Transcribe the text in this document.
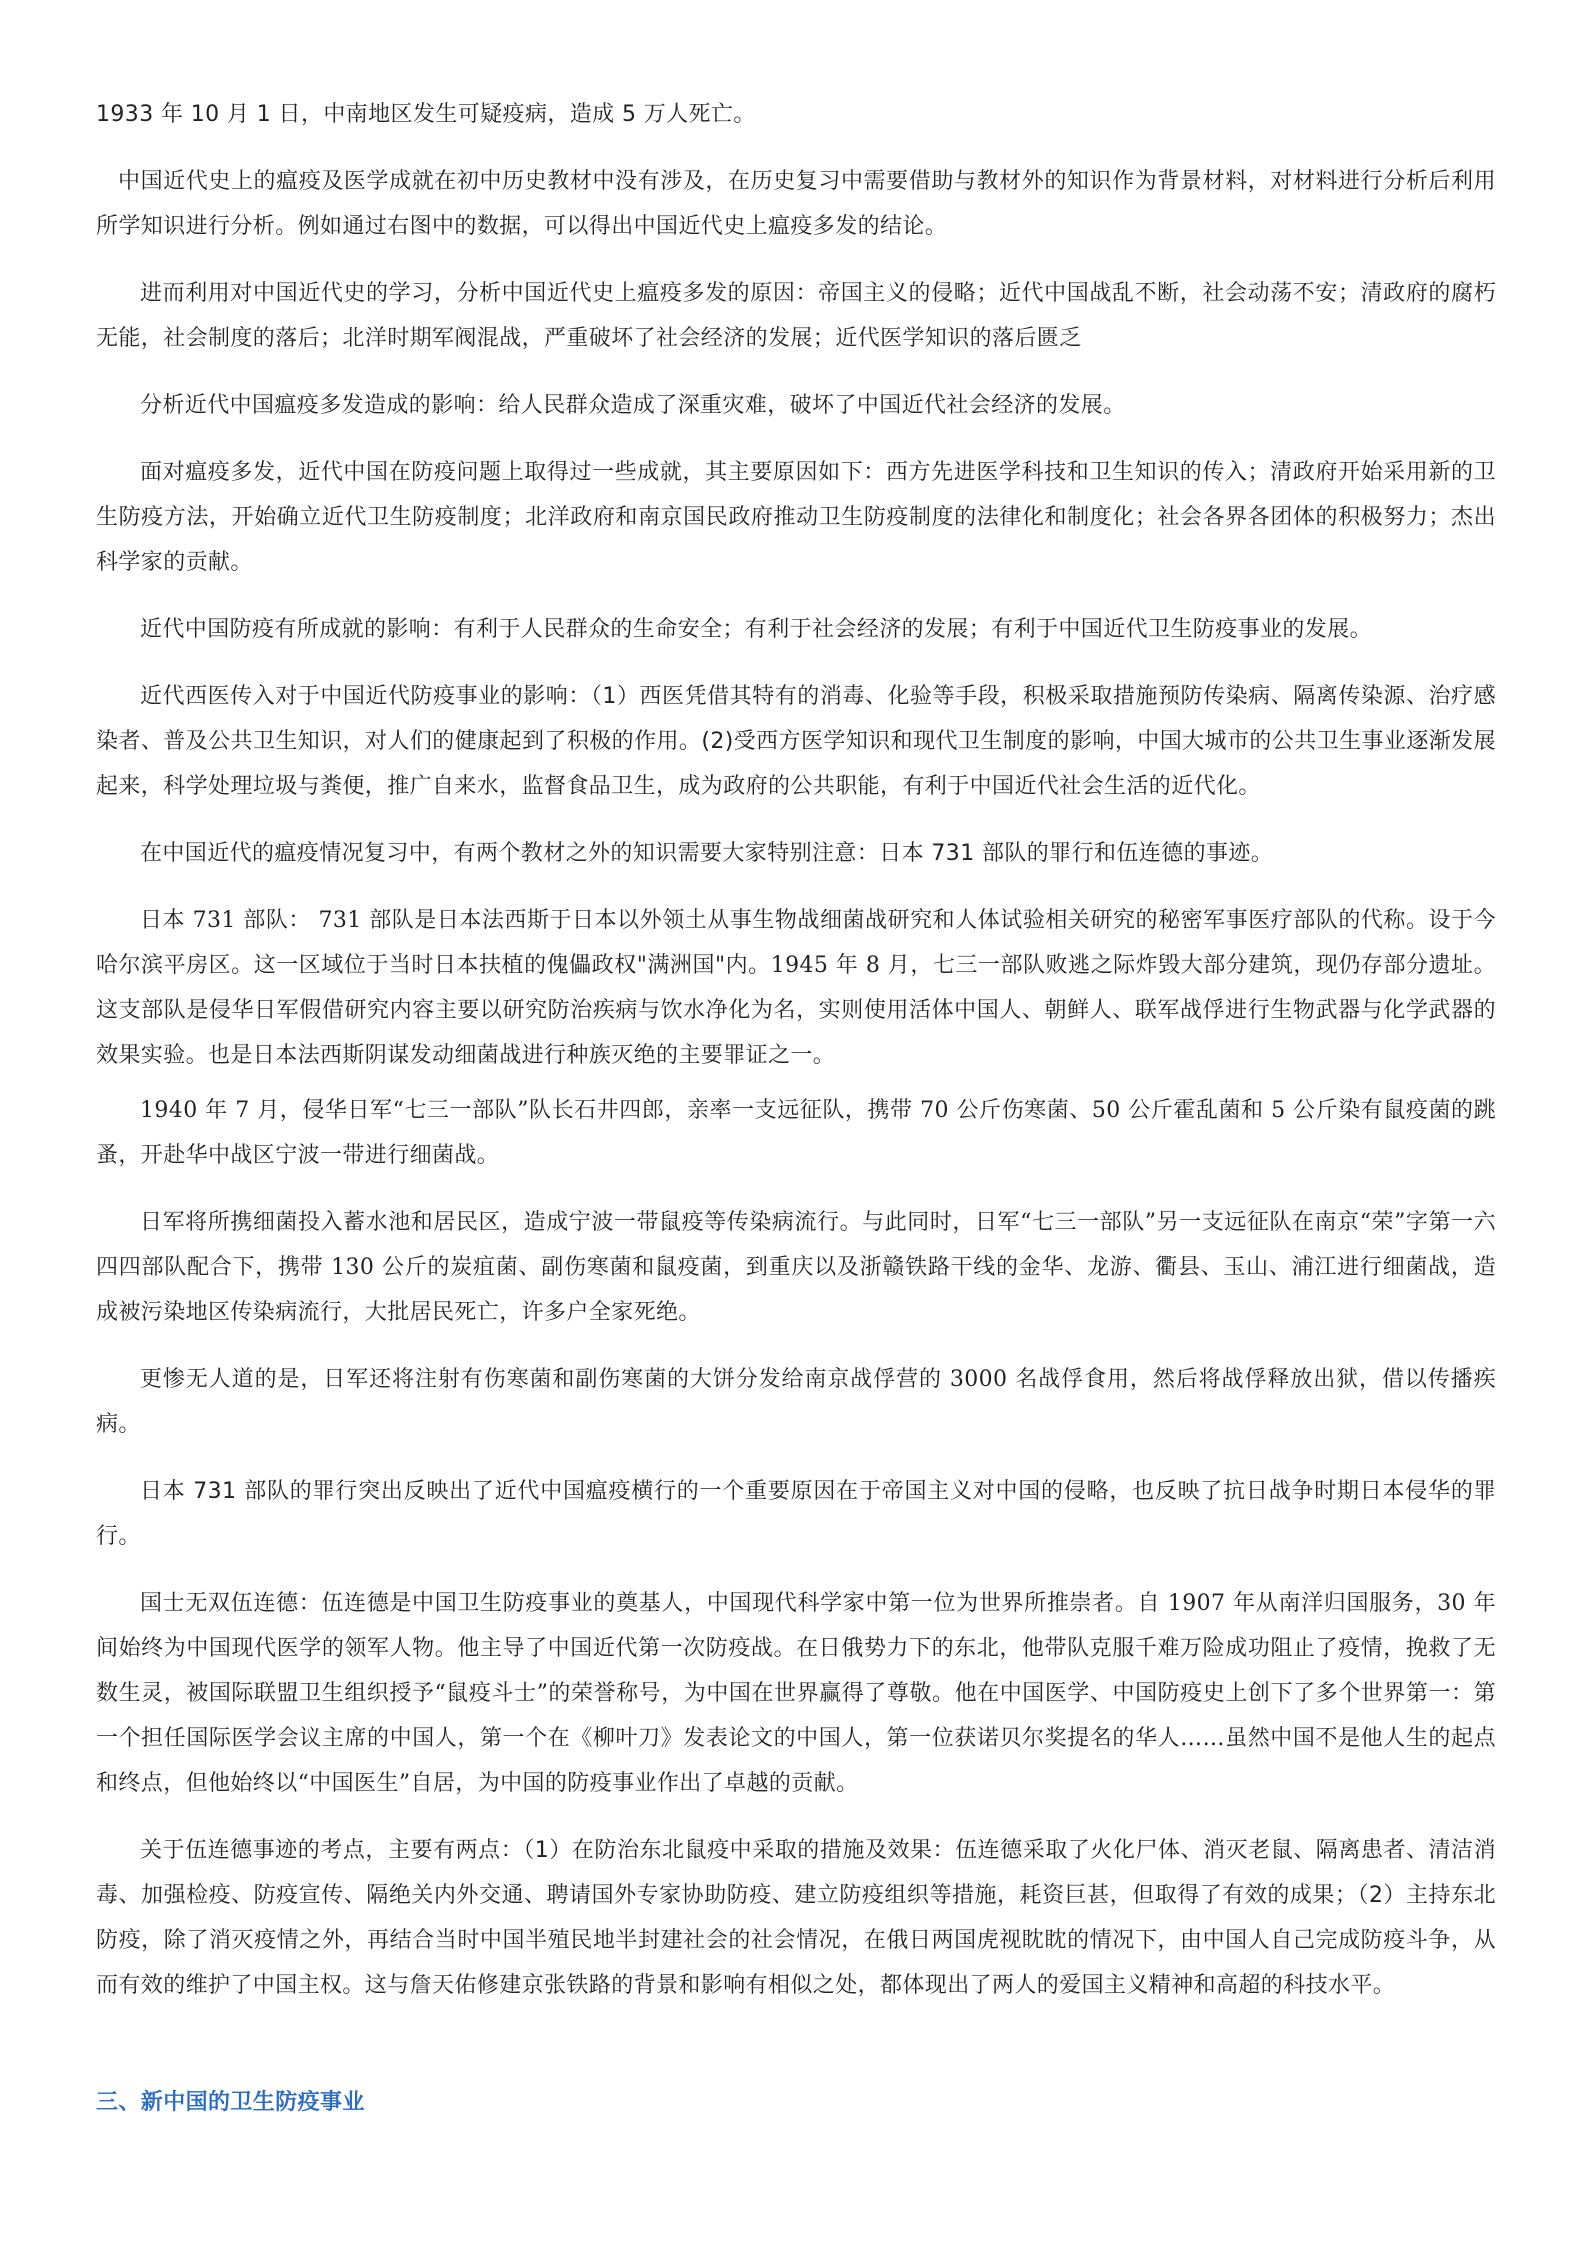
1933 年 10 月 1 日，中南地区发生可疑疫病，造成 5 万人死亡。

中国近代史上的瘟疫及医学成就在初中历史教材中没有涉及，在历史复习中需要借助与教材外的知识作为背景材料，对材料进行分析后利用所学知识进行分析。例如通过右图中的数据，可以得出中国近代史上瘟疫多发的结论。

进而利用对中国近代史的学习，分析中国近代史上瘟疫多发的原因：帝国主义的侵略；近代中国战乱不断，社会动荡不安；清政府的腐朽无能，社会制度的落后；北洋时期军阀混战，严重破坏了社会经济的发展；近代医学知识的落后匮乏

分析近代中国瘟疫多发造成的影响：给人民群众造成了深重灾难，破坏了中国近代社会经济的发展。

面对瘟疫多发，近代中国在防疫问题上取得过一些成就，其主要原因如下：西方先进医学科技和卫生知识的传入；清政府开始采用新的卫生防疫方法，开始确立近代卫生防疫制度；北洋政府和南京国民政府推动卫生防疫制度的法律化和制度化；社会各界各团体的积极努力；杰出科学家的贡献。

近代中国防疫有所成就的影响：有利于人民群众的生命安全；有利于社会经济的发展；有利于中国近代卫生防疫事业的发展。

近代西医传入对于中国近代防疫事业的影响：（1）西医凭借其特有的消毒、化验等手段，积极采取措施预防传染病、隔离传染源、治疗感染者、普及公共卫生知识，对人们的健康起到了积极的作用。(2)受西方医学知识和现代卫生制度的影响，中国大城市的公共卫生事业逐渐发展起来，科学处理垃圾与粪便，推广自来水，监督食品卫生，成为政府的公共职能，有利于中国近代社会生活的近代化。

在中国近代的瘟疫情况复习中，有两个教材之外的知识需要大家特别注意：日本 731 部队的罪行和伍连德的事迹。

日本 731 部队： 731 部队是日本法西斯于日本以外领土从事生物战细菌战研究和人体试验相关研究的秘密军事医疗部队的代称。设于今哈尔滨平房区。这一区域位于当时日本扶植的傀儡政权"满洲国"内。1945 年 8 月，七三一部队败逃之际炸毁大部分建筑，现仍存部分遗址。这支部队是侵华日军假借研究内容主要以研究防治疾病与饮水净化为名，实则使用活体中国人、朝鲜人、联军战俘进行生物武器与化学武器的效果实验。也是日本法西斯阴谋发动细菌战进行种族灭绝的主要罪证之一。

1940 年 7 月，侵华日军“七三一部队”队长石井四郎，亲率一支远征队，携带 70 公斤伤寒菌、50 公斤霍乱菌和 5 公斤染有鼠疫菌的跳蚤，开赴华中战区宁波一带进行细菌战。

日军将所携细菌投入蓄水池和居民区，造成宁波一带鼠疫等传染病流行。与此同时，日军“七三一部队”另一支远征队在南京“荣”字第一六四四部队配合下，携带 130 公斤的炭疽菌、副伤寒菌和鼠疫菌，到重庆以及浙赣铁路干线的金华、龙游、衢县、玉山、浦江进行细菌战，造成被污染地区传染病流行，大批居民死亡，许多户全家死绝。

更惨无人道的是，日军还将注射有伤寒菌和副伤寒菌的大饼分发给南京战俘营的 3000 名战俘食用，然后将战俘释放出狱，借以传播疾病。

日本 731 部队的罪行突出反映出了近代中国瘟疫横行的一个重要原因在于帝国主义对中国的侵略，也反映了抗日战争时期日本侵华的罪行。

国士无双伍连德：伍连德是中国卫生防疫事业的奠基人，中国现代科学家中第一位为世界所推崇者。自 1907 年从南洋归国服务，30 年间始终为中国现代医学的领军人物。他主导了中国近代第一次防疫战。在日俄势力下的东北，他带队克服千难万险成功阻止了疫情，挽救了无数生灵，被国际联盟卫生组织授予“鼠疫斗士”的荣誉称号，为中国在世界赢得了尊敬。他在中国医学、中国防疫史上创下了多个世界第一：第一个担任国际医学会议主席的中国人，第一个在《柳叶刀》发表论文的中国人，第一位获诺贝尔奖提名的华人……虽然中国不是他人生的起点和终点，但他始终以“中国医生”自居，为中国的防疫事业作出了卓越的贡献。

关于伍连德事迹的考点，主要有两点：（1）在防治东北鼠疫中采取的措施及效果：伍连德采取了火化尸体、消灭老鼠、隔离患者、清洁消毒、加强检疫、防疫宣传、隔绝关内外交通、聘请国外专家协助防疫、建立防疫组织等措施，耗资巨甚，但取得了有效的成果；（2）主持东北防疫，除了消灭疫情之外，再结合当时中国半殖民地半封建社会的社会情况，在俄日两国虎视眈眈的情况下，由中国人自己完成防疫斗争，从而有效的维护了中国主权。这与詹天佑修建京张铁路的背景和影响有相似之处，都体现出了两人的爱国主义精神和高超的科技水平。

三、新中国的卫生防疫事业
